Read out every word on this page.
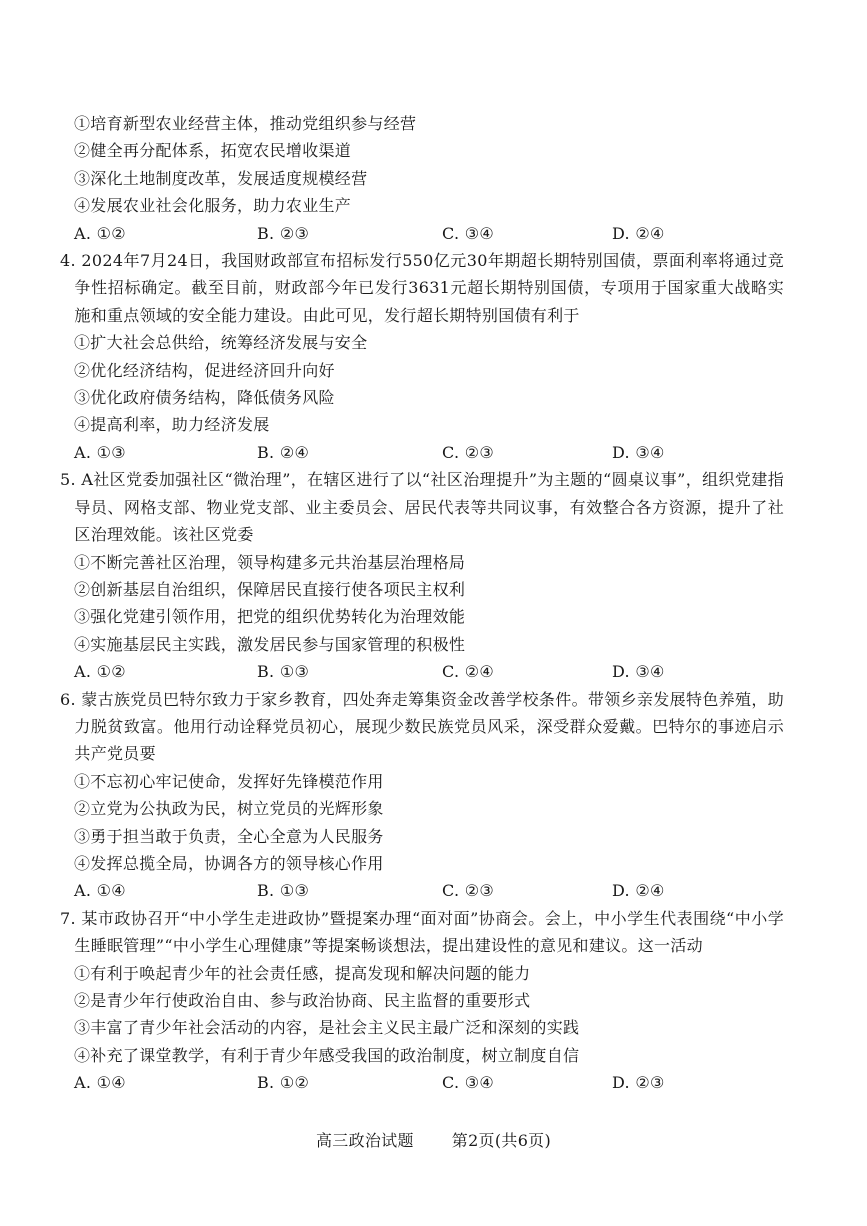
①培育新型农业经营主体，推动党组织参与经营
②健全再分配体系，拓宽农民增收渠道
③深化土地制度改革，发展适度规模经营
④发展农业社会化服务，助力农业生产
A. ①②	B. ②③	C. ③④	D. ②④
4. 2024年7月24日，我国财政部宣布招标发行550亿元30年期超长期特别国债，票面利率将通过竞争性招标确定。截至目前，财政部今年已发行3631元超长期特别国债，专项用于国家重大战略实施和重点领域的安全能力建设。由此可见，发行超长期特别国债有利于
①扩大社会总供给，统筹经济发展与安全
②优化经济结构，促进经济回升向好
③优化政府债务结构，降低债务风险
④提高利率，助力经济发展
A. ①③	B. ②④	C. ②③	D. ③④
5. A社区党委加强社区“微治理”，在辖区进行了以“社区治理提升”为主题的“圆桌议事”，组织党建指导员、网格支部、物业党支部、业主委员会、居民代表等共同议事，有效整合各方资源，提升了社区治理效能。该社区党委
①不断完善社区治理，领导构建多元共治基层治理格局
②创新基层自治组织，保障居民直接行使各项民主权利
③强化党建引领作用，把党的组织优势转化为治理效能
④实施基层民主实践，激发居民参与国家管理的积极性
A. ①②	B. ①③	C. ②④	D. ③④
6. 蒙古族党员巴特尔致力于家乡教育，四处奔走筹集资金改善学校条件。带领乡亲发展特色养殖，助力脱贫致富。他用行动诠释党员初心，展现少数民族党员风采，深受群众爱戴。巴特尔的事迹启示共产党员要
①不忘初心牢记使命，发挥好先锋模范作用
②立党为公执政为民，树立党员的光辉形象
③勇于担当敢于负责，全心全意为人民服务
④发挥总揽全局，协调各方的领导核心作用
A. ①④	B. ①③	C. ②③	D. ②④
7. 某市政协召开“中小学生走进政协”暨提案办理“面对面”协商会。会上，中小学生代表围绕“中小学生睡眠管理”“中小学生心理健康”等提案畅谈想法，提出建设性的意见和建议。这一活动
①有利于唤起青少年的社会责任感，提高发现和解决问题的能力
②是青少年行使政治自由、参与政治协商、民主监督的重要形式
③丰富了青少年社会活动的内容，是社会主义民主最广泛和深刻的实践
④补充了课堂教学，有利于青少年感受我国的政治制度，树立制度自信
A. ①④	B. ①②	C. ③④	D. ②③
高三政治试题 第2页(共6页)
